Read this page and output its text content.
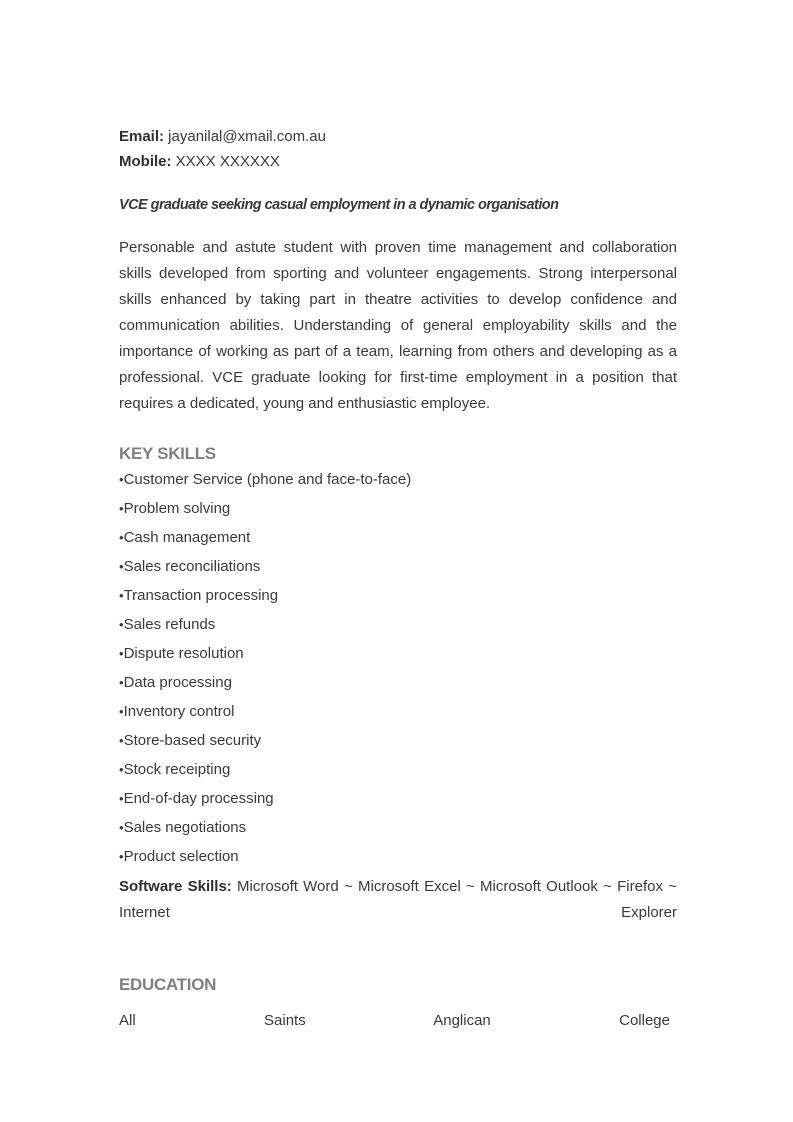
Email: jayanilal@xmail.com.au
Mobile: XXXX XXXXXX
VCE graduate seeking casual employment in a dynamic organisation
Personable and astute student with proven time management and collaboration skills developed from sporting and volunteer engagements. Strong interpersonal skills enhanced by taking part in theatre activities to develop confidence and communication abilities. Understanding of general employability skills and the importance of working as part of a team, learning from others and developing as a professional. VCE graduate looking for first-time employment in a position that requires a dedicated, young and enthusiastic employee.
KEY SKILLS
•Customer Service (phone and face-to-face)
•Problem solving
•Cash management
•Sales reconciliations
•Transaction processing
•Sales refunds
•Dispute resolution
•Data processing
•Inventory control
•Store-based security
•Stock receipting
•End-of-day processing
•Sales negotiations
•Product selection
Software Skills: Microsoft Word ~ Microsoft Excel ~ Microsoft Outlook ~ Firefox ~ Internet Explorer
EDUCATION
All Saints Anglican College
